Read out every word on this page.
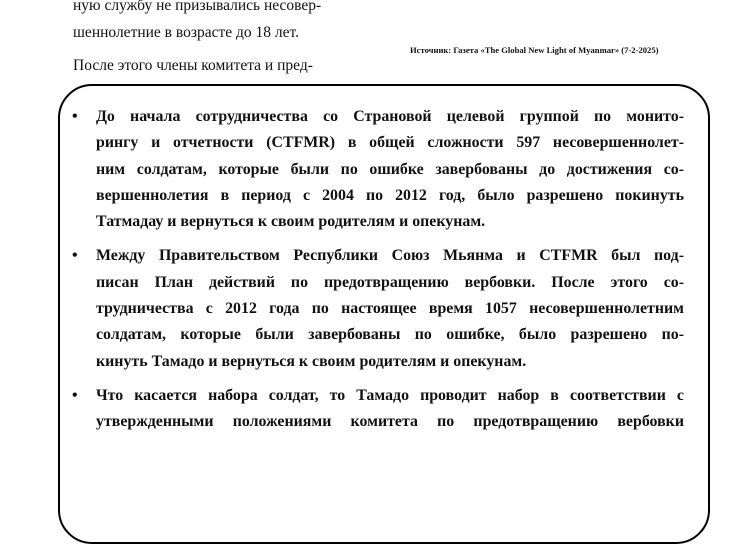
ную службу не призывались несовер-

шеннолетние в возрасте до 18 лет.

После этого члены комитета и пред-

Источник: Газета «The Global New Light of Myanmar» (7-2-2025)
• До начала сотрудничества со Страновой целевой группой по монито-
рингу и отчетности (CTFMR) в общей сложности 597 несовершеннолет-
ним солдатам, которые были по ошибке завербованы до достижения со-
вершеннолетия в период с 2004 по 2012 год, было разрешено покинуть
Татмадау и вернуться к своим родителям и опекунам.
• Между Правительством Республики Союз Мьянма и CTFMR был под-
писан План действий по предотвращению вербовки. После этого со-
трудничества с 2012 года по настоящее время 1057 несовершеннолетним
солдатам, которые были завербованы по ошибке, было разрешено по-
кинуть Тамадо и вернуться к своим родителям и опекунам.
• Что касается набора солдат, то Тамадо проводит набор в соответствии с
утвержденными положениями комитета по предотвращению вербовки
